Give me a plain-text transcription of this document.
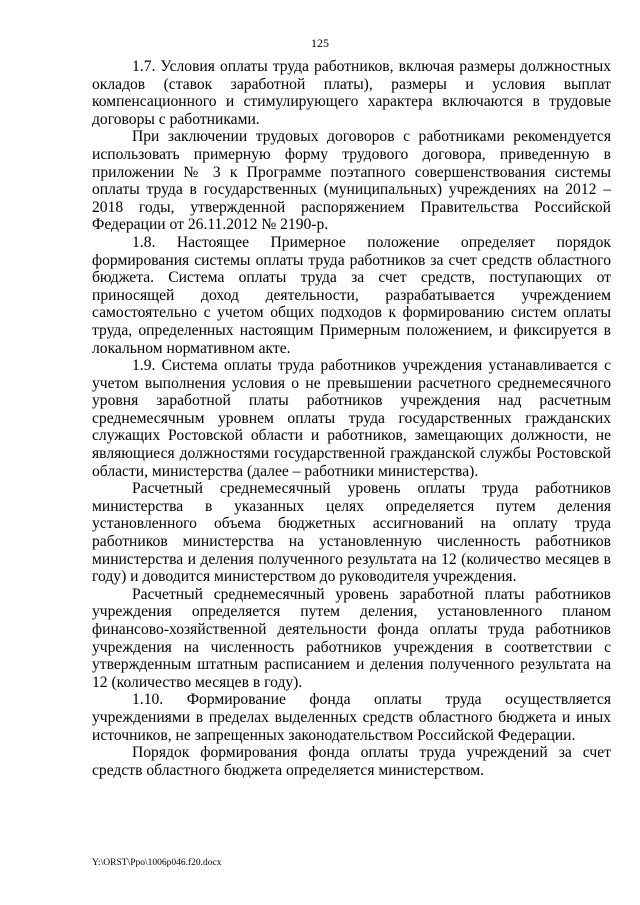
125

1.7. Условия оплаты труда работников, включая размеры должностных окладов (ставок заработной платы), размеры и условия выплат компенсационного и стимулирующего характера включаются в трудовые договоры с работниками.

При заключении трудовых договоров с работниками рекомендуется использовать примерную форму трудового договора, приведенную в приложении № 3 к Программе поэтапного совершенствования системы оплаты труда в государственных (муниципальных) учреждениях на 2012 – 2018 годы, утвержденной распоряжением Правительства Российской Федерации от 26.11.2012 № 2190-р.

1.8. Настоящее Примерное положение определяет порядок формирования системы оплаты труда работников за счет средств областного бюджета. Система оплаты труда за счет средств, поступающих от приносящей доход деятельности, разрабатывается учреждением самостоятельно с учетом общих подходов к формированию систем оплаты труда, определенных настоящим Примерным положением, и фиксируется в локальном нормативном акте.

1.9. Система оплаты труда работников учреждения устанавливается с учетом выполнения условия о не превышении расчетного среднемесячного уровня заработной платы работников учреждения над расчетным среднемесячным уровнем оплаты труда государственных гражданских служащих Ростовской области и работников, замещающих должности, не являющиеся должностями государственной гражданской службы Ростовской области, министерства (далее – работники министерства).

Расчетный среднемесячный уровень оплаты труда работников министерства в указанных целях определяется путем деления установленного объема бюджетных ассигнований на оплату труда работников министерства на установленную численность работников министерства и деления полученного результата на 12 (количество месяцев в году) и доводится министерством до руководителя учреждения.

Расчетный среднемесячный уровень заработной платы работников учреждения определяется путем деления, установленного планом финансово-хозяйственной деятельности фонда оплаты труда работников учреждения на численность работников учреждения в соответствии с утвержденным штатным расписанием и деления полученного результата на 12 (количество месяцев в году).

1.10. Формирование фонда оплаты труда осуществляется учреждениями в пределах выделенных средств областного бюджета и иных источников, не запрещенных законодательством Российской Федерации.

Порядок формирования фонда оплаты труда учреждений за счет средств областного бюджета определяется министерством.

Y:\ORST\Ppo\1006p046.f20.docx
